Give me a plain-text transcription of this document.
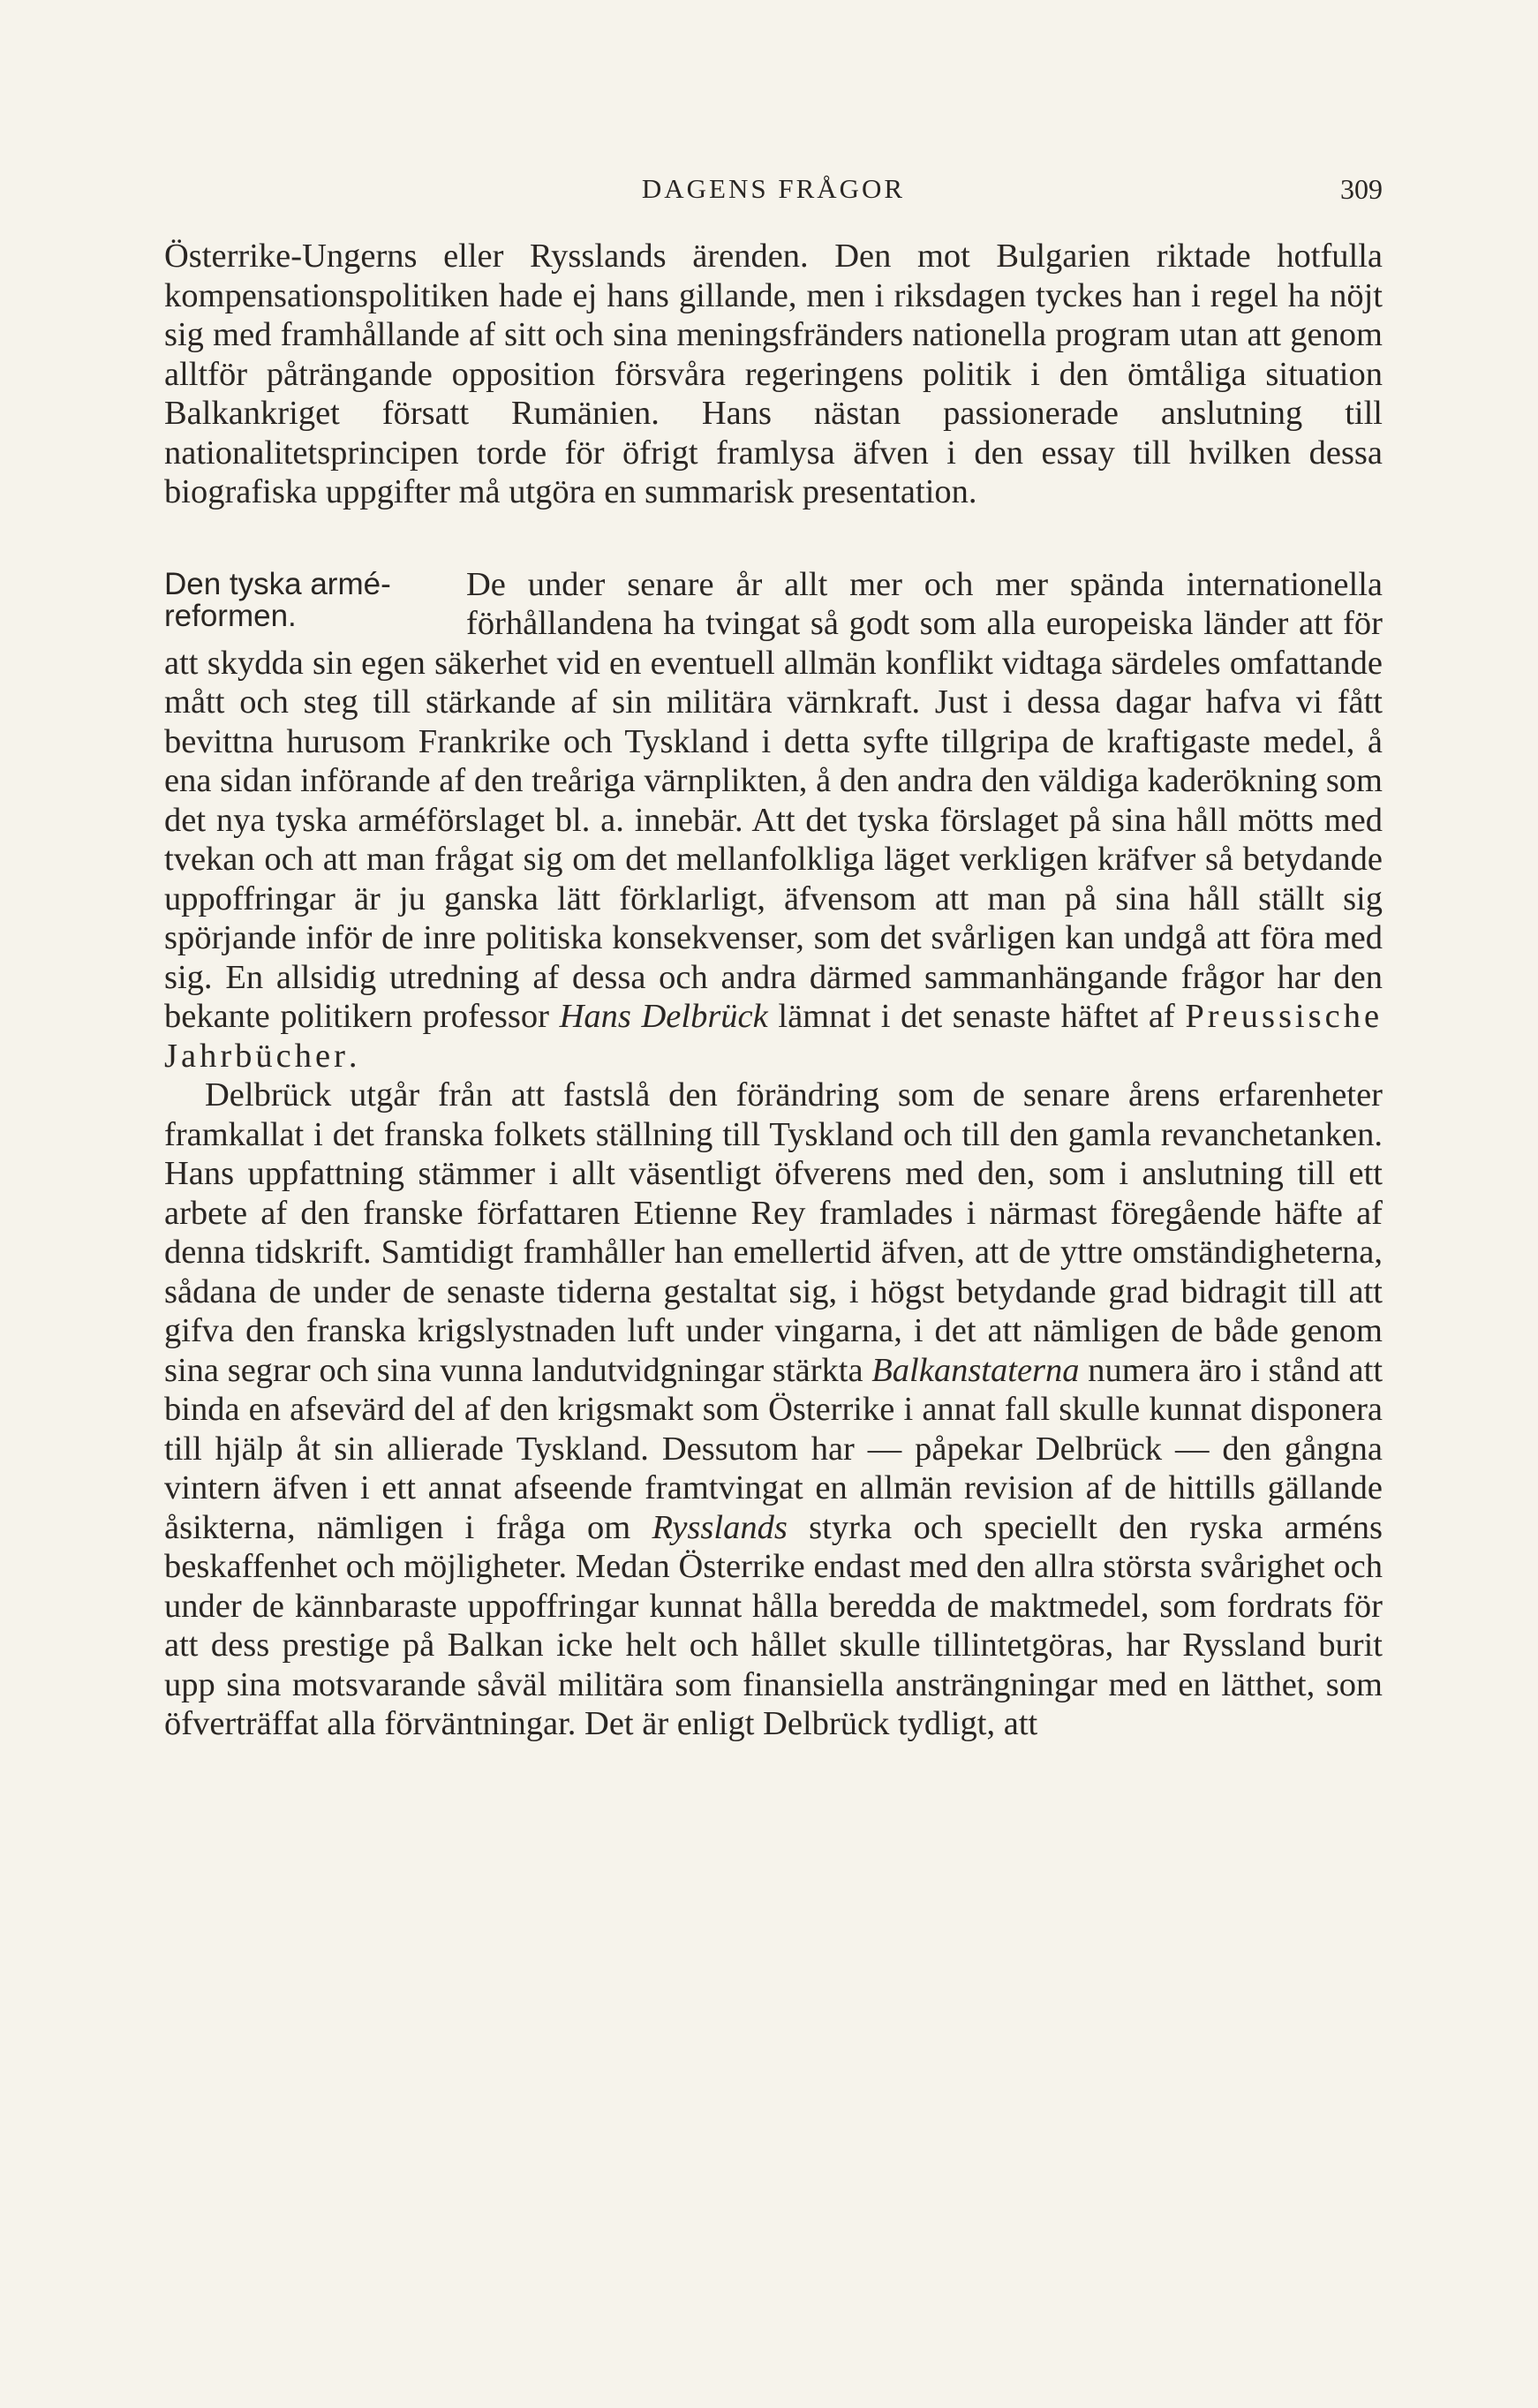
DAGENS FRÅGOR	309

Österrike-Ungerns eller Rysslands ärenden. Den mot Bulgarien riktade hotfulla kompensationspolitiken hade ej hans gillande, men i riksdagen tyckes han i regel ha nöjt sig med framhållande af sitt och sina meningsfränders nationella program utan att genom alltför påträngande opposition försvåra regeringens politik i den ömtåliga situation Balkankriget försatt Rumänien. Hans nästan passionerade anslutning till nationalitetsprincipen torde för öfrigt framlysa äfven i den essay till hvilken dessa biografiska uppgifter må utgöra en summarisk presentation.

Den tyska armé-
reformen.
De under senare år allt mer och mer spända internationella förhållandena ha tvingat så godt som alla europeiska länder att för att skydda sin egen säkerhet vid en eventuell allmän konflikt vidtaga särdeles omfattande mått och steg till stärkande af sin militära värnkraft. Just i dessa dagar hafva vi fått bevittna hurusom Frankrike och Tyskland i detta syfte tillgripa de kraftigaste medel, å ena sidan införande af den treåriga värnplikten, å den andra den väldiga kaderökning som det nya tyska arméförslaget bl. a. innebär. Att det tyska förslaget på sina håll mötts med tvekan och att man frågat sig om det mellanfolkliga läget verkligen kräfver så betydande uppoffringar är ju ganska lätt förklarligt, äfvensom att man på sina håll ställt sig spörjande inför de inre politiska konsekvenser, som det svårligen kan undgå att föra med sig. En allsidig utredning af dessa och andra därmed sammanhängande frågor har den bekante politikern professor Hans Delbrück lämnat i det senaste häftet af Preussische Jahrbücher.

Delbrück utgår från att fastslå den förändring som de senare årens erfarenheter framkallat i det franska folkets ställning till Tyskland och till den gamla revanchetanken. Hans uppfattning stämmer i allt väsentligt öfverens med den, som i anslutning till ett arbete af den franske författaren Etienne Rey framlades i närmast föregående häfte af denna tidskrift. Samtidigt framhåller han emellertid äfven, att de yttre omständigheterna, sådana de under de senaste tiderna gestaltat sig, i högst betydande grad bidragit till att gifva den franska krigslystnaden luft under vingarna, i det att nämligen de både genom sina segrar och sina vunna landutvidgningar stärkta Balkanstaterna numera äro i stånd att binda en afsevärd del af den krigsmakt som Österrike i annat fall skulle kunnat disponera till hjälp åt sin allierade Tyskland. Dessutom har — påpekar Delbrück — den gångna vintern äfven i ett annat afseende framtvingat en allmän revision af de hittills gällande åsikterna, nämligen i fråga om Rysslands styrka och speciellt den ryska arméns beskaffenhet och möjligheter. Medan Österrike endast med den allra största svårighet och under de kännbaraste uppoffringar kunnat hålla beredda de maktmedel, som fordrats för att dess prestige på Balkan icke helt och hållet skulle tillintetgöras, har Ryssland burit upp sina motsvarande såväl militära som finansiella ansträngningar med en lätthet, som öfverträffat alla förväntningar. Det är enligt Delbrück tydligt, att
